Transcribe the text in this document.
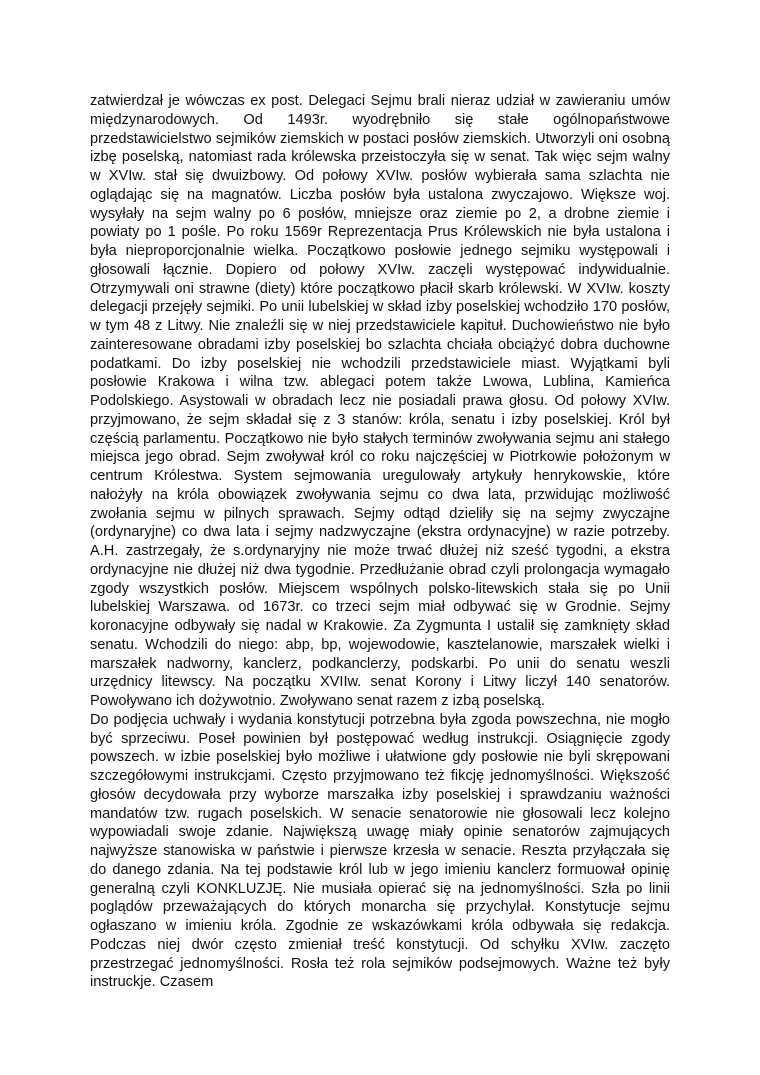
zatwierdzał je wówczas ex post. Delegaci Sejmu brali nieraz udział w zawieraniu umów międzynarodowych. Od 1493r. wyodrębniło się stałe ogólnopaństwowe przedstawicielstwo sejmików ziemskich w postaci posłów ziemskich. Utworzyli oni osobną izbę poselską, natomiast rada królewska przeistoczyła się w senat. Tak więc sejm walny w XVIw. stał się dwuizbowy. Od połowy XVIw. posłów wybierała sama szlachta nie oglądając się na magnatów. Liczba posłów była ustalona zwyczajowo. Większe woj. wysyłały na sejm walny po 6 posłów, mniejsze oraz ziemie po 2, a drobne ziemie i powiaty po 1 pośle. Po roku 1569r Reprezentacja Prus Królewskich nie była ustalona i była nieproporcjonalnie wielka. Początkowo posłowie jednego sejmiku występowali i głosowali łącznie. Dopiero od połowy XVIw. zaczęli występować indywidualnie. Otrzymywali oni strawne (diety) które początkowo płacił skarb królewski. W XVIw. koszty delegacji przejęły sejmiki. Po unii lubelskiej w skład izby poselskiej wchodziło 170 posłów, w tym 48 z Litwy. Nie znaleźli się w niej przedstawiciele kapituł. Duchowieństwo nie było zainteresowane obradami izby poselskiej bo szlachta chciała obciążyć dobra duchowne podatkami. Do izby poselskiej nie wchodzili przedstawiciele miast. Wyjątkami byli posłowie Krakowa i wilna tzw. ablegaci potem także Lwowa, Lublina, Kamieńca Podolskiego. Asystowali w obradach lecz nie posiadali prawa głosu. Od połowy XVIw. przyjmowano, że sejm składał się z 3 stanów: króla, senatu i izby poselskiej. Król był częścią parlamentu. Początkowo nie było stałych terminów zwoływania sejmu ani stałego miejsca jego obrad. Sejm zwoływał król co roku najczęściej w Piotrkowie położonym w centrum Królestwa. System sejmowania uregulowały artykuły henrykowskie, które nałożyły na króla obowiązek zwoływania sejmu co dwa lata, przwidując możliwość zwołania sejmu w pilnych sprawach. Sejmy odtąd dzieliły się na sejmy zwyczajne (ordynaryjne) co dwa lata i sejmy nadzwyczajne (ekstra ordynacyjne) w razie potrzeby. A.H. zastrzegały, że s.ordynaryjny nie może trwać dłużej niż sześć tygodni, a ekstra ordynacyjne nie dłużej niż dwa tygodnie. Przedłużanie obrad czyli prolongacja wymagało zgody wszystkich posłów. Miejscem wspólnych polsko-litewskich stała się po Unii lubelskiej Warszawa. od 1673r. co trzeci sejm miał odbywać się w Grodnie. Sejmy koronacyjne odbywały się nadal w Krakowie. Za Zygmunta I ustalił się zamknięty skład senatu. Wchodzili do niego: abp, bp, wojewodowie, kasztelanowie, marszałek wielki i marszałek nadworny, kanclerz, podkanclerzy, podskarbi. Po unii do senatu weszli urzędnicy litewscy. Na początku XVIIw. senat Korony i Litwy liczył 140 senatorów. Powoływano ich dożywotnio. Zwoływano senat razem z izbą poselską.

Do podjęcia uchwały i wydania konstytucji potrzebna była zgoda powszechna, nie mogło być sprzeciwu. Poseł powinien był postępować według instrukcji. Osiągnięcie zgody powszech. w izbie poselskiej było możliwe i ułatwione gdy posłowie nie byli skrępowani szczegółowymi instrukcjami. Często przyjmowano też fikcję jednomyślności. Większość głosów decydowała przy wyborze marszałka izby poselskiej i sprawdzaniu ważności mandatów tzw. rugach poselskich. W senacie senatorowie nie głosowali lecz kolejno wypowiadali swoje zdanie. Największą uwagę miały opinie senatorów zajmujących najwyższe stanowiska w państwie i pierwsze krzesła w senacie. Reszta przyłączała się do danego zdania. Na tej podstawie król lub w jego imieniu kanclerz formuował opinię generalną czyli KONKLUZJĘ. Nie musiała opierać się na jednomyślności. Szła po linii poglądów przeważających do których monarcha się przychylał. Konstytucje sejmu ogłaszano w imieniu króla. Zgodnie ze wskazówkami króla odbywała się redakcja. Podczas niej dwór często zmieniał treść konstytucji. Od schyłku XVIw. zaczęto przestrzegać jednomyślności. Rosła też rola sejmików podsejmowych. Ważne też były instruckje. Czasem
